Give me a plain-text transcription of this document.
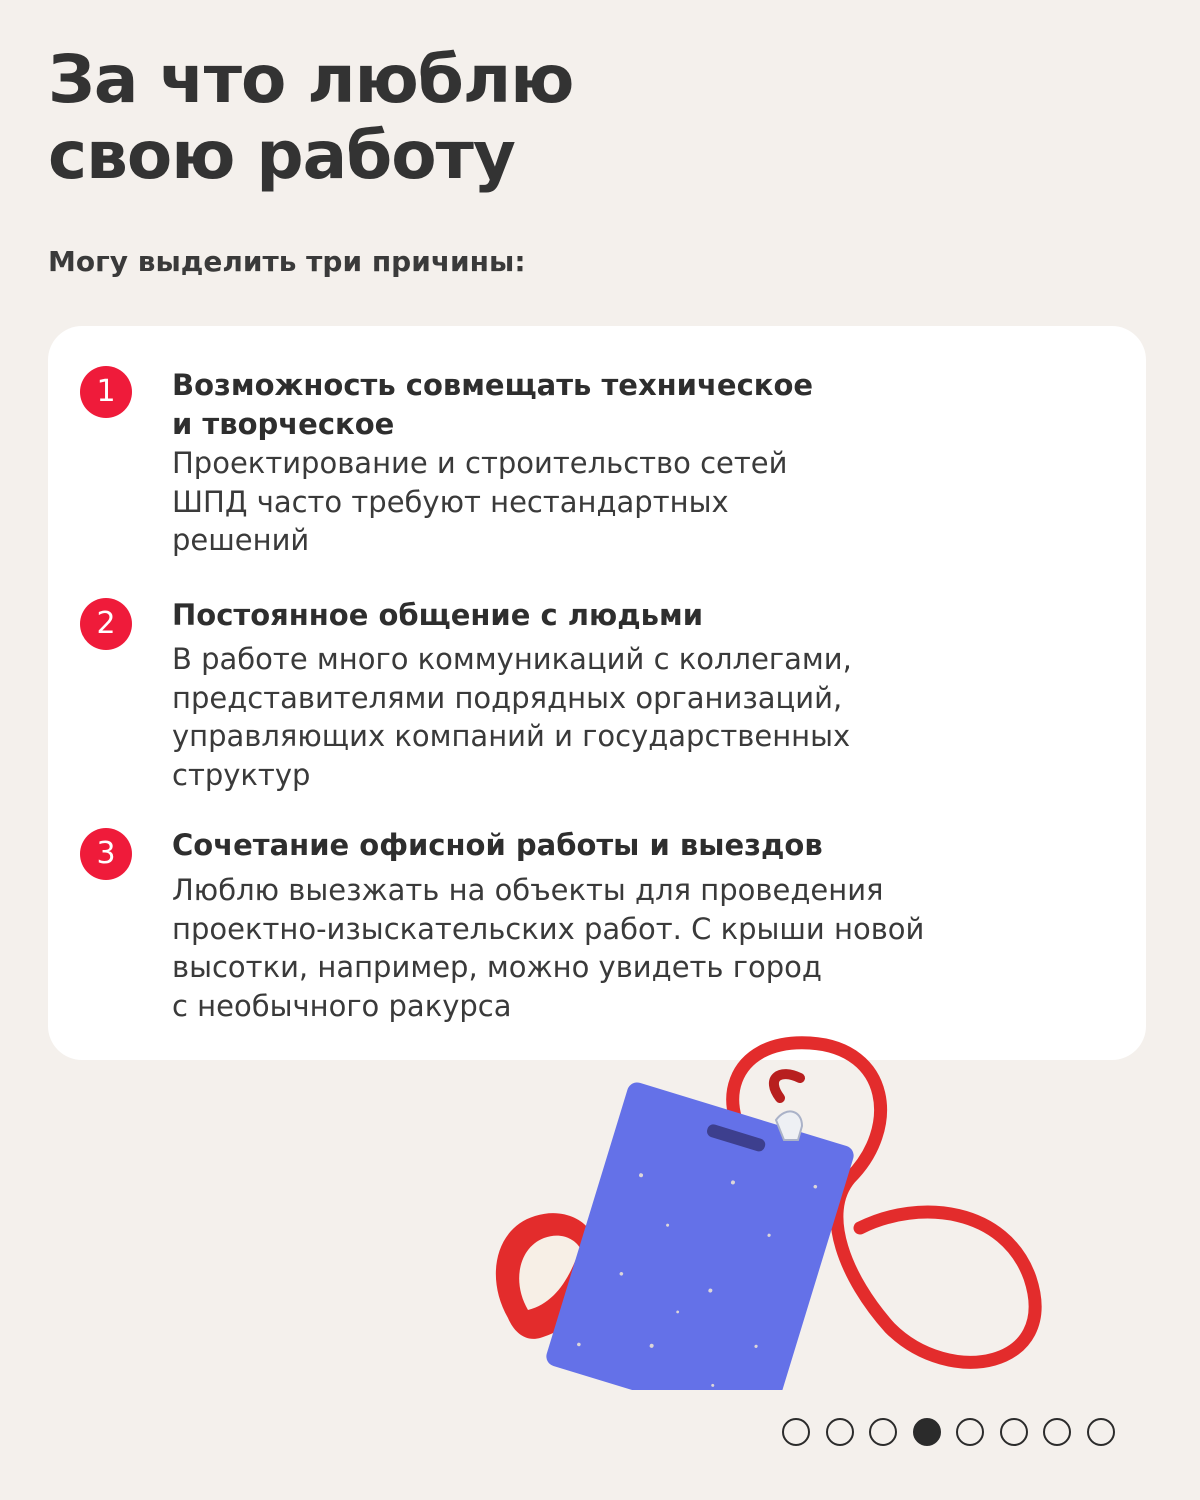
За что люблю
свою работу
Могу выделить три причины:
1	Возможность совмещать техническое
и творческое
Проектирование и строительство сетей
ШПД часто требуют нестандартных
решений
2	Постоянное общение с людьми
В работе много коммуникаций с коллегами,
представителями подрядных организаций,
управляющих компаний и государственных
структур
3	Сочетание офисной работы и выездов
Люблю выезжать на объекты для проведения
проектно-изыскательских работ. С крыши новой
высотки, например, можно увидеть город
с необычного ракурса
